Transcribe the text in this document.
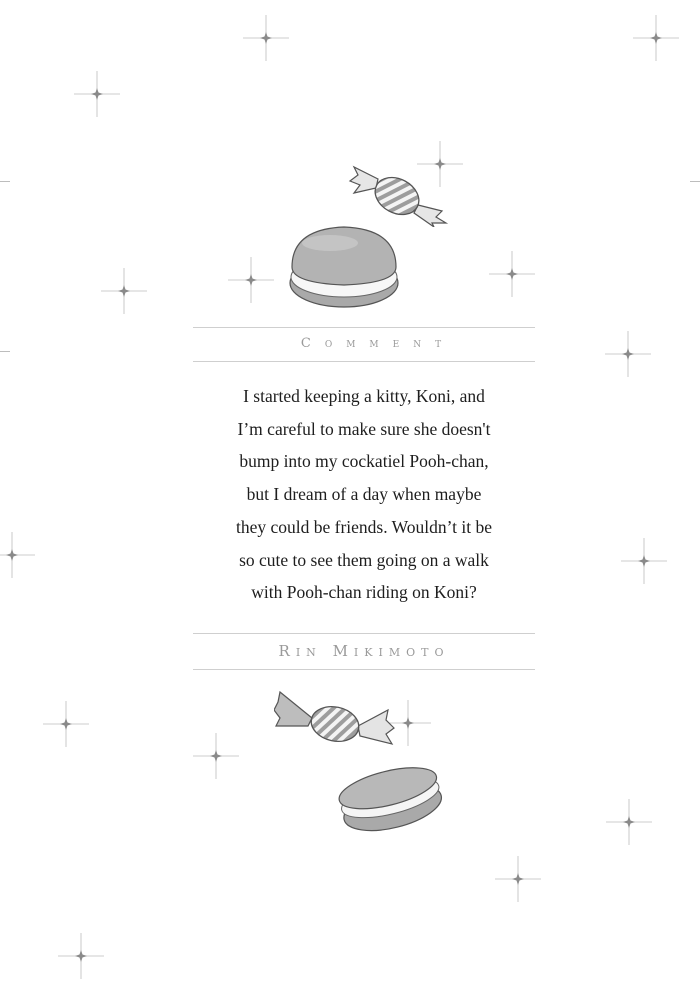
Comment

I started keeping a kitty, Koni, and

I’m careful to make sure she doesn't

bump into my cockatiel Pooh-chan,

but I dream of a day when maybe

they could be friends. Wouldn’t it be

so cute to see them going on a walk

with Pooh-chan riding on Koni?

Rin Mikimoto
